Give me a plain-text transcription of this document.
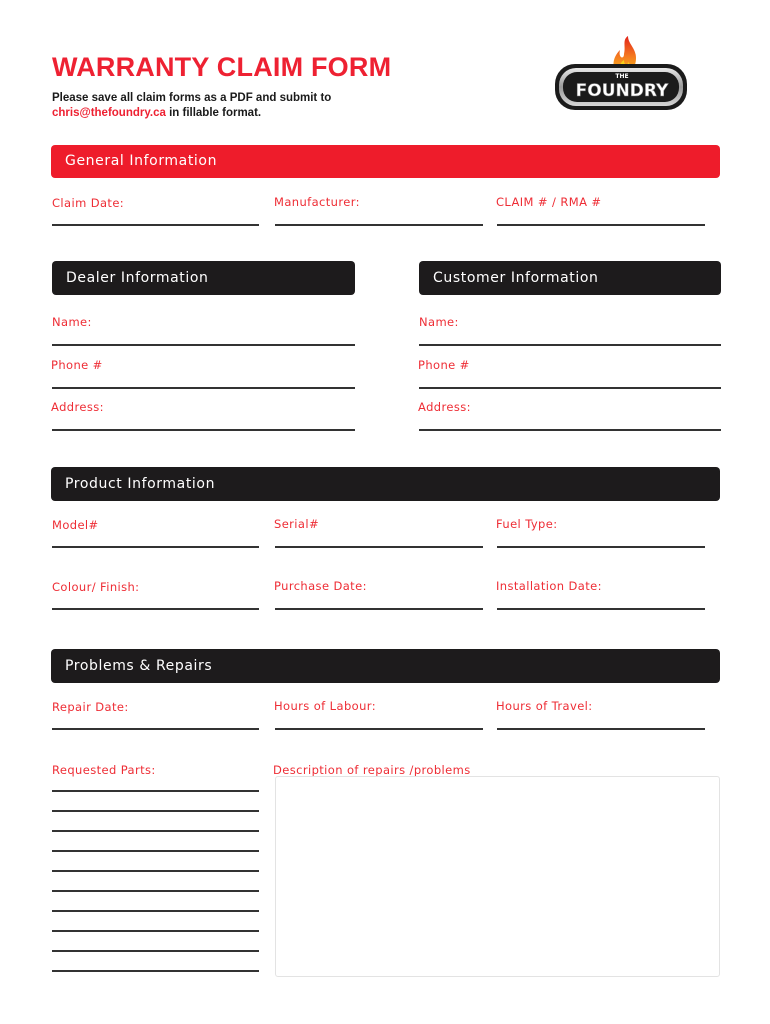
WARRANTY CLAIM FORM
Please save all claim forms as a PDF and submit to
chris@thefoundry.ca in fillable format.
THE
FOUNDRY
General Information
Claim Date:	Manufacturer:	CLAIM # / RMA #
Dealer Information	Customer Information
Name:
Phone #
Address:
Name:
Phone #
Address:
Product Information
Model#	Serial#	Fuel Type:
Colour/ Finish:	Purchase Date:	Installation Date:
Problems & Repairs
Repair Date:	Hours of Labour:	Hours of Travel:
Requested Parts:	Description of repairs /problems
